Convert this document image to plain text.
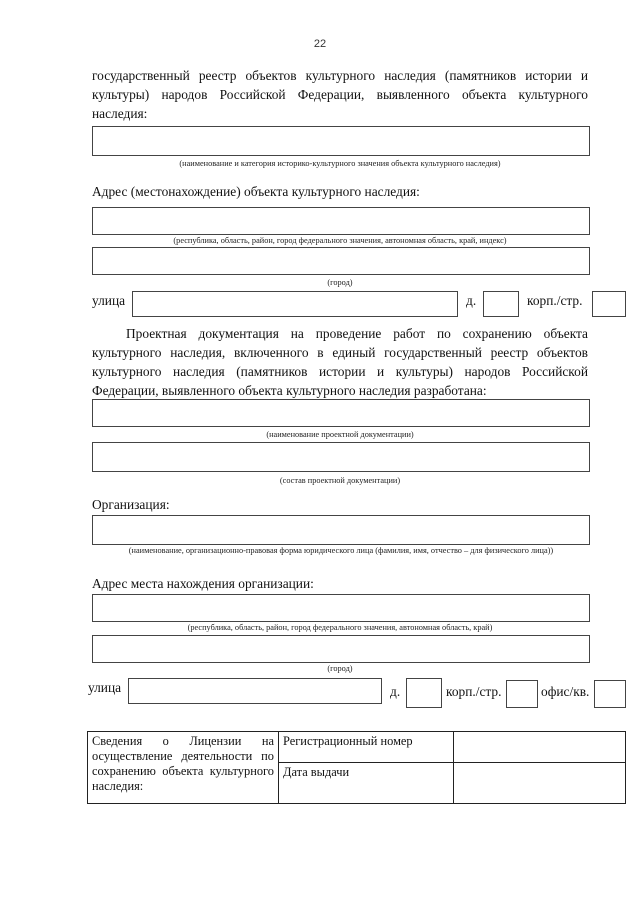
22
государственный реестр объектов культурного наследия (памятников истории и культуры) народов Российской Федерации, выявленного объекта культурного наследия:
(наименование и категория историко-культурного значения объекта культурного наследия)
Адрес (местонахождение) объекта культурного наследия:
(республика, область, район, город федерального значения, автономная область, край, индекс)
(город)
улица	д.	корп./стр.
Проектная документация на проведение работ по сохранению объекта культурного наследия, включенного в единый государственный реестр объектов культурного наследия (памятников истории и культуры) народов Российской Федерации, выявленного объекта культурного наследия разработана:
(наименование проектной документации)
(состав проектной документации)
Организация:
(наименование, организационно-правовая форма юридического лица (фамилия, имя, отчество – для физического лица))
Адрес места нахождения организации:
(республика, область, район, город федерального значения, автономная область, край)
(город)
улица	д.	корп./стр.	офис/кв.
Сведения о Лицензии на осуществление деятельности по сохранению объекта культурного наследия:	Регистрационный номер	
	Дата выдачи	
